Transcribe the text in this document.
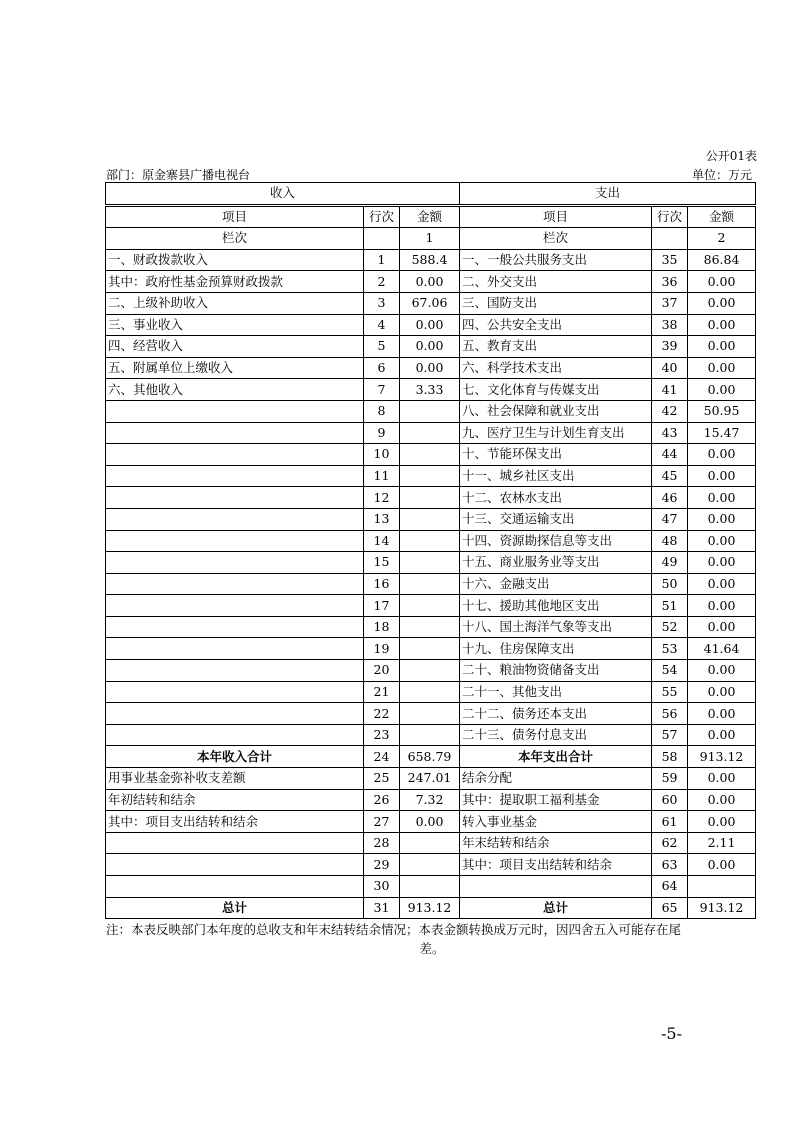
公开01表
部门：原金寨县广播电视台	单位：万元
收入			支出		
项目	行次	金额	项目	行次	金额
栏次		1	栏次		2
一、财政拨款收入	1	588.4	一、一般公共服务支出	35	86.84
其中：政府性基金预算财政拨款	2	0.00	二、外交支出	36	0.00
二、上级补助收入	3	67.06	三、国防支出	37	0.00
三、事业收入	4	0.00	四、公共安全支出	38	0.00
四、经营收入	5	0.00	五、教育支出	39	0.00
五、附属单位上缴收入	6	0.00	六、科学技术支出	40	0.00
六、其他收入	7	3.33	七、文化体育与传媒支出	41	0.00
	8		八、社会保障和就业支出	42	50.95
	9		九、医疗卫生与计划生育支出	43	15.47
	10		十、节能环保支出	44	0.00
	11		十一、城乡社区支出	45	0.00
	12		十二、农林水支出	46	0.00
	13		十三、交通运输支出	47	0.00
	14		十四、资源勘探信息等支出	48	0.00
	15		十五、商业服务业等支出	49	0.00
	16		十六、金融支出	50	0.00
	17		十七、援助其他地区支出	51	0.00
	18		十八、国土海洋气象等支出	52	0.00
	19		十九、住房保障支出	53	41.64
	20		二十、粮油物资储备支出	54	0.00
	21		二十一、其他支出	55	0.00
	22		二十二、债务还本支出	56	0.00
	23		二十三、债务付息支出	57	0.00
本年收入合计	24	658.79	本年支出合计	58	913.12
用事业基金弥补收支差额	25	247.01	结余分配	59	0.00
年初结转和结余	26	7.32	其中：提取职工福利基金	60	0.00
其中：项目支出结转和结余	27	0.00	转入事业基金	61	0.00
	28		年末结转和结余	62	2.11
	29		其中：项目支出结转和结余	63	0.00
	30			64	
总计	31	913.12	总计	65	913.12
注：本表反映部门本年度的总收支和年末结转结余情况；本表金额转换成万元时，因四舍五入可能存在尾
差。
-5-
